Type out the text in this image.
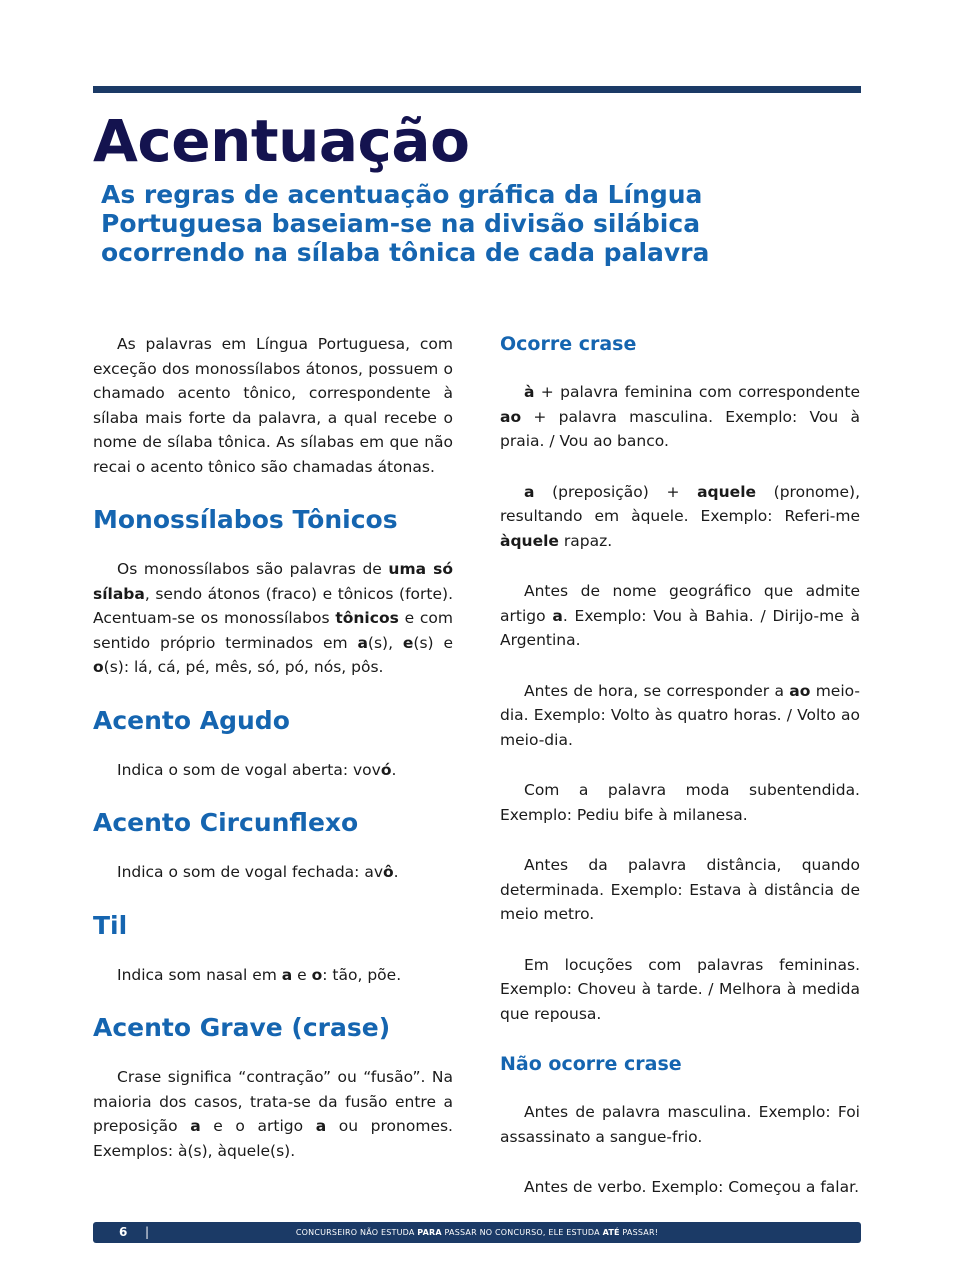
Acentuação

As regras de acentuação gráfica da Língua Portuguesa baseiam-se na divisão silábica ocorrendo na sílaba tônica de cada palavra

As palavras em Língua Portuguesa, com exceção dos monossílabos átonos, possuem o chamado acento tônico, correspondente à sílaba mais forte da palavra, a qual recebe o nome de sílaba tônica. As sílabas em que não recai o acento tônico são chamadas átonas.

Monossílabos Tônicos

Os monossílabos são palavras de uma só sílaba, sendo átonos (fraco) e tônicos (forte). Acentuam-se os monossílabos tônicos e com sentido próprio terminados em a(s), e(s) e o(s): lá, cá, pé, mês, só, pó, nós, pôs.

Acento Agudo

Indica o som de vogal aberta: vovó.

Acento Circunflexo

Indica o som de vogal fechada: avô.

Til

Indica som nasal em a e o: tão, põe.

Acento Grave (crase)

Crase significa “contração” ou “fusão”. Na maioria dos casos, trata-se da fusão entre a preposição a e o artigo a ou pronomes. Exemplos: à(s), àquele(s).

Ocorre crase

à + palavra feminina com correspondente ao + palavra masculina. Exemplo: Vou à praia. / Vou ao banco.

a (preposição) + aquele (pronome), resultando em àquele. Exemplo: Referi-me àquele rapaz.

Antes de nome geográfico que admite artigo a. Exemplo: Vou à Bahia. / Dirijo-me à Argentina.

Antes de hora, se corresponder a ao meio-dia. Exemplo: Volto às quatro horas. / Volto ao meio-dia.

Com a palavra moda subentendida. Exemplo: Pediu bife à milanesa.

Antes da palavra distância, quando determinada. Exemplo: Estava à distância de meio metro.

Em locuções com palavras femininas. Exemplo: Choveu à tarde. / Melhora à medida que repousa.

Não ocorre crase

Antes de palavra masculina. Exemplo: Foi assassinato a sangue-frio.

Antes de verbo. Exemplo: Começou a falar.

6 |	CONCURSEIRO NÃO ESTUDA PARA PASSAR NO CONCURSO, ELE ESTUDA ATÉ PASSAR!
